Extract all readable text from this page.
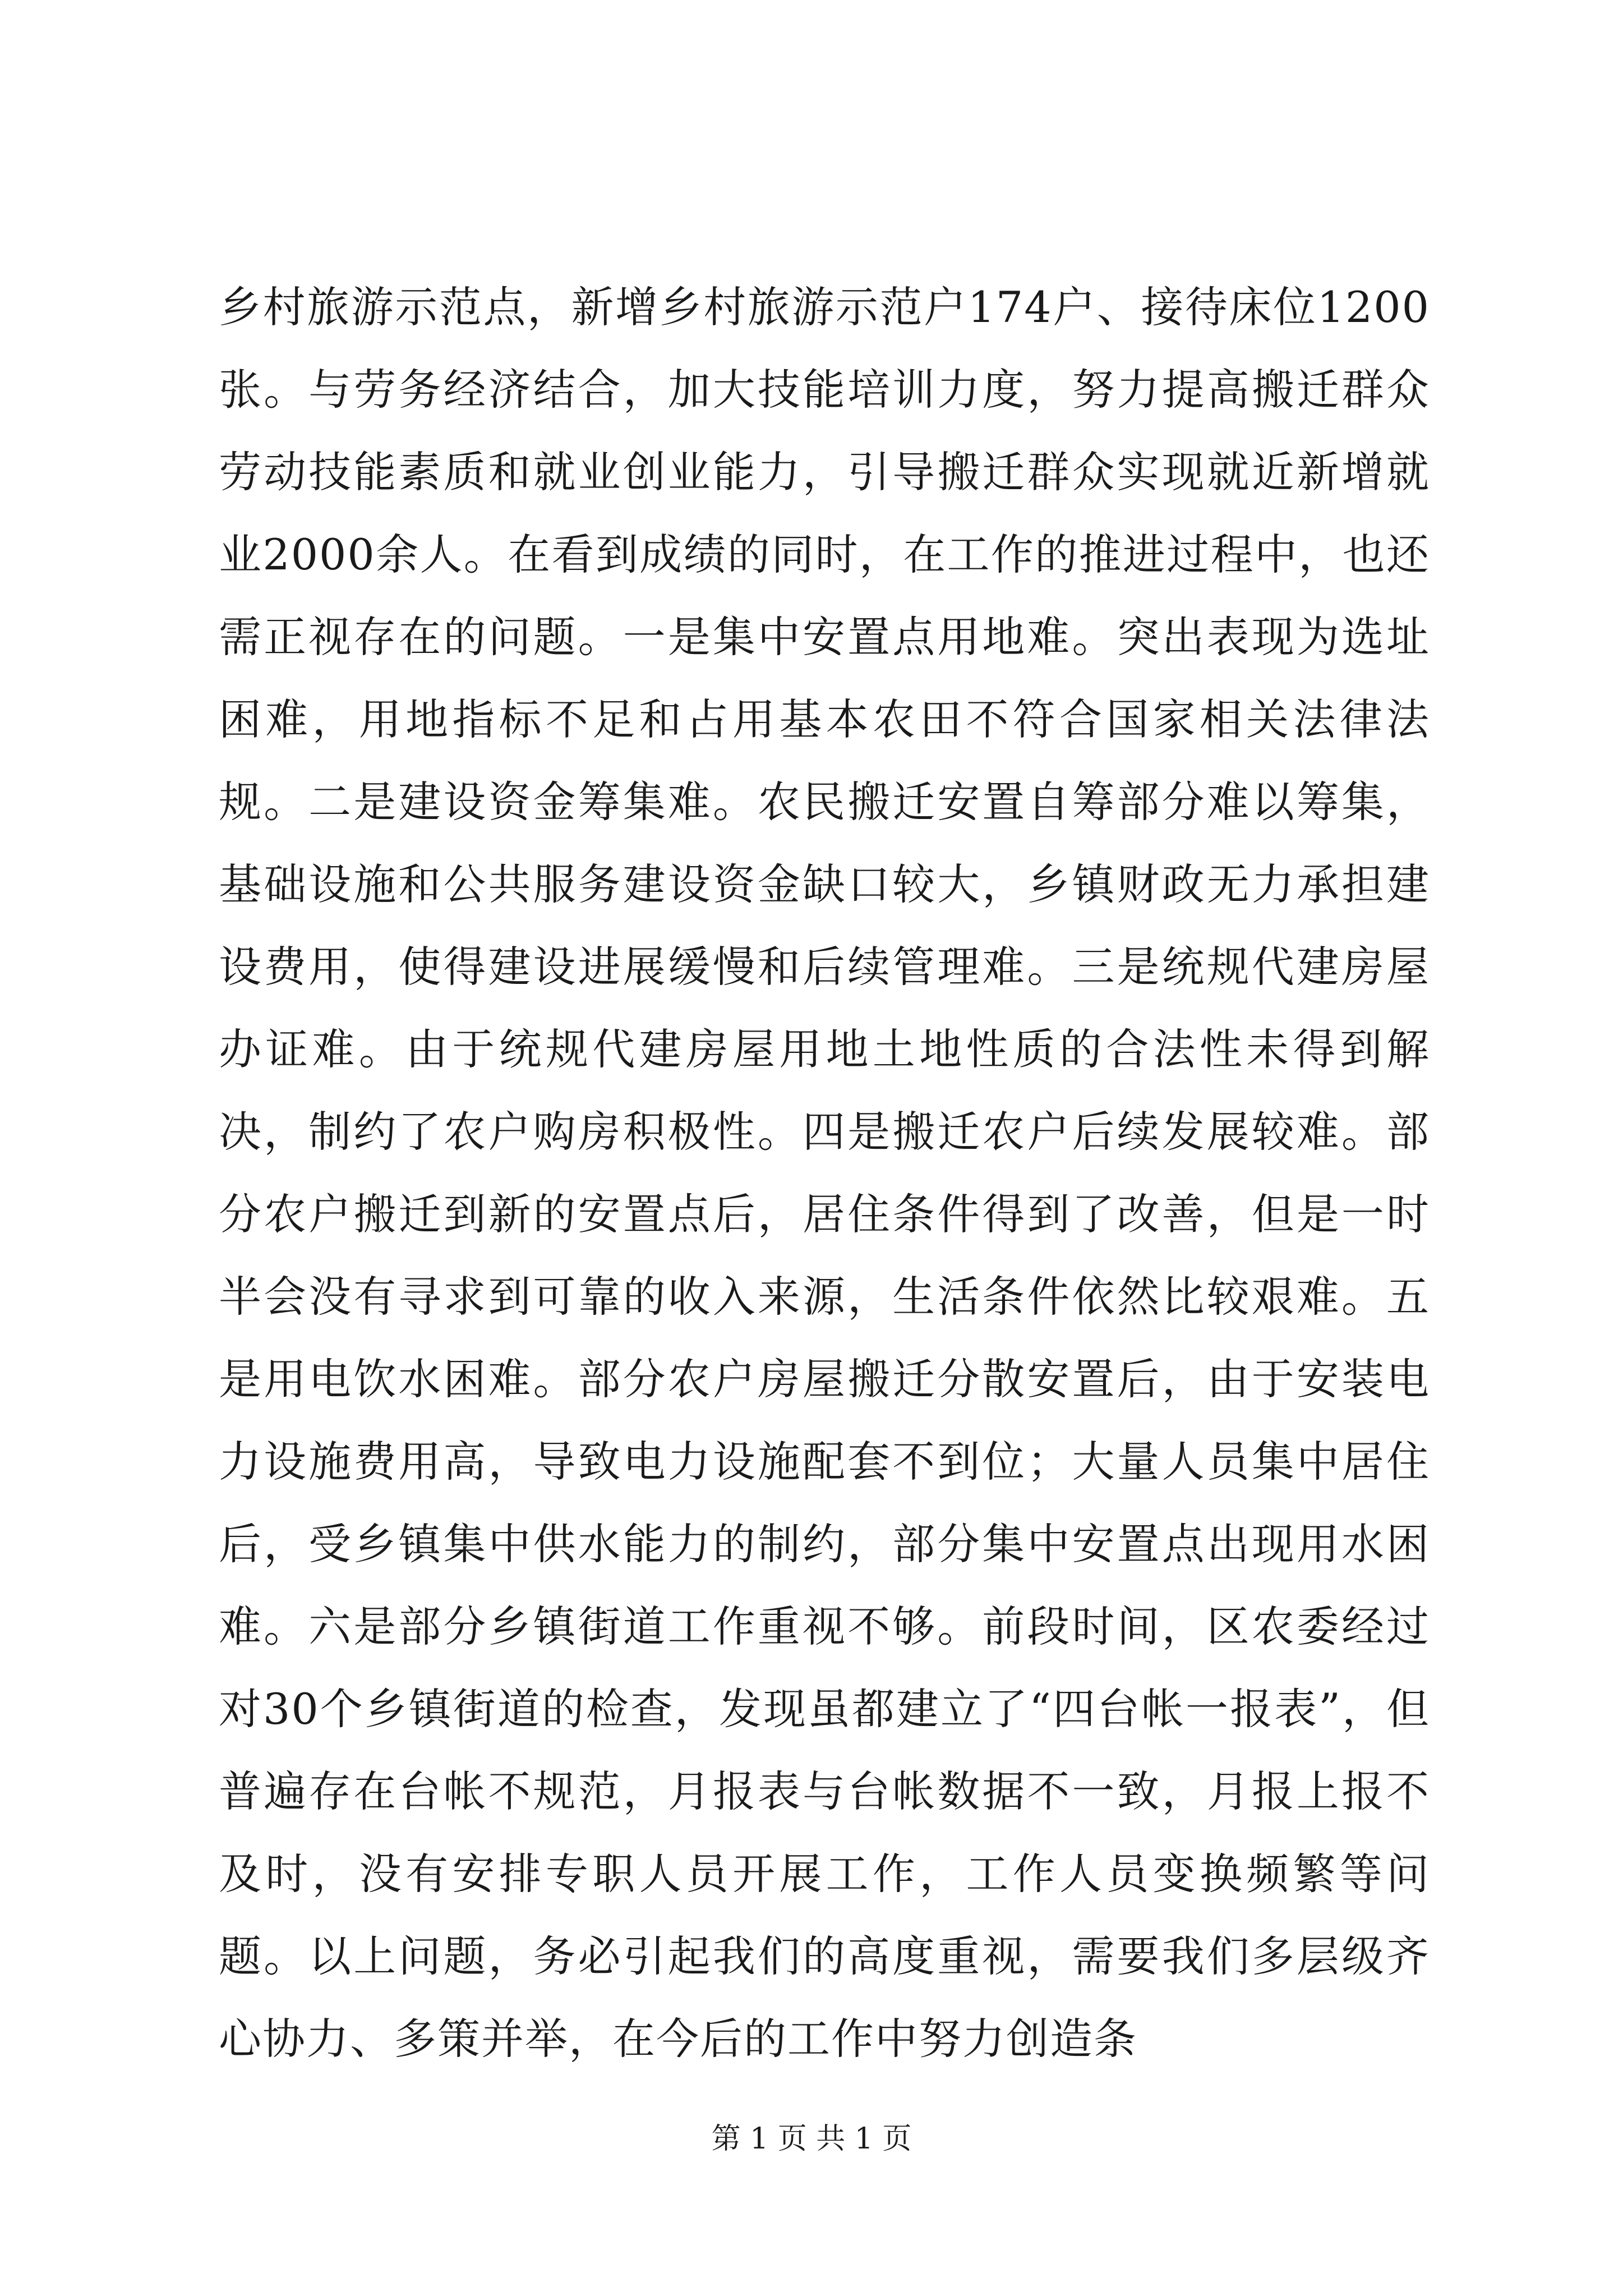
乡村旅游示范点，新增乡村旅游示范户174户、接待床位1200张。与劳务经济结合，加大技能培训力度，努力提高搬迁群众劳动技能素质和就业创业能力，引导搬迁群众实现就近新增就业2000余人。在看到成绩的同时，在工作的推进过程中，也还需正视存在的问题。一是集中安置点用地难。突出表现为选址困难，用地指标不足和占用基本农田不符合国家相关法律法规。二是建设资金筹集难。农民搬迁安置自筹部分难以筹集，基础设施和公共服务建设资金缺口较大，乡镇财政无力承担建设费用，使得建设进展缓慢和后续管理难。三是统规代建房屋办证难。由于统规代建房屋用地土地性质的合法性未得到解决，制约了农户购房积极性。四是搬迁农户后续发展较难。部分农户搬迁到新的安置点后，居住条件得到了改善，但是一时半会没有寻求到可靠的收入来源，生活条件依然比较艰难。五是用电饮水困难。部分农户房屋搬迁分散安置后，由于安装电力设施费用高，导致电力设施配套不到位；大量人员集中居住后，受乡镇集中供水能力的制约，部分集中安置点出现用水困难。六是部分乡镇街道工作重视不够。前段时间，区农委经过对30个乡镇街道的检查，发现虽都建立了“四台帐一报表”，但普遍存在台帐不规范，月报表与台帐数据不一致，月报上报不及时，没有安排专职人员开展工作，工作人员变换频繁等问题。以上问题，务必引起我们的高度重视，需要我们多层级齐心协力、多策并举，在今后的工作中努力创造条

第 1 页 共 1 页
